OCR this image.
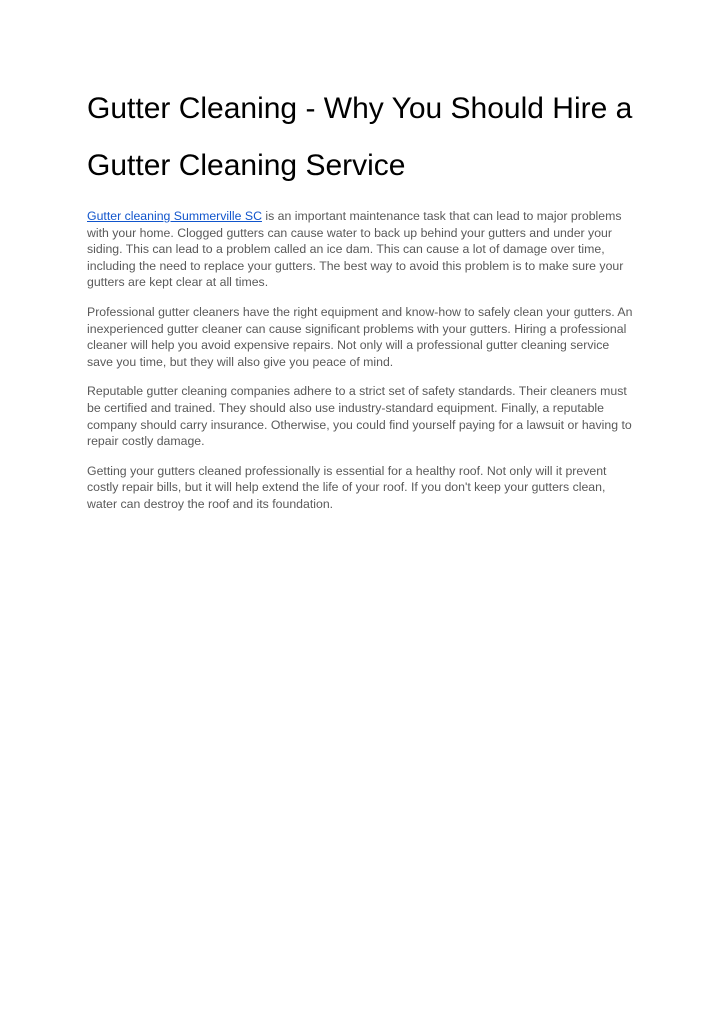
Gutter Cleaning - Why You Should Hire a Gutter Cleaning Service

Gutter cleaning Summerville SC is an important maintenance task that can lead to major problems with your home. Clogged gutters can cause water to back up behind your gutters and under your siding. This can lead to a problem called an ice dam. This can cause a lot of damage over time, including the need to replace your gutters. The best way to avoid this problem is to make sure your gutters are kept clear at all times.

Professional gutter cleaners have the right equipment and know-how to safely clean your gutters. An inexperienced gutter cleaner can cause significant problems with your gutters. Hiring a professional cleaner will help you avoid expensive repairs. Not only will a professional gutter cleaning service save you time, but they will also give you peace of mind.

Reputable gutter cleaning companies adhere to a strict set of safety standards. Their cleaners must be certified and trained. They should also use industry-standard equipment. Finally, a reputable company should carry insurance. Otherwise, you could find yourself paying for a lawsuit or having to repair costly damage.

Getting your gutters cleaned professionally is essential for a healthy roof. Not only will it prevent costly repair bills, but it will help extend the life of your roof. If you don't keep your gutters clean, water can destroy the roof and its foundation.
